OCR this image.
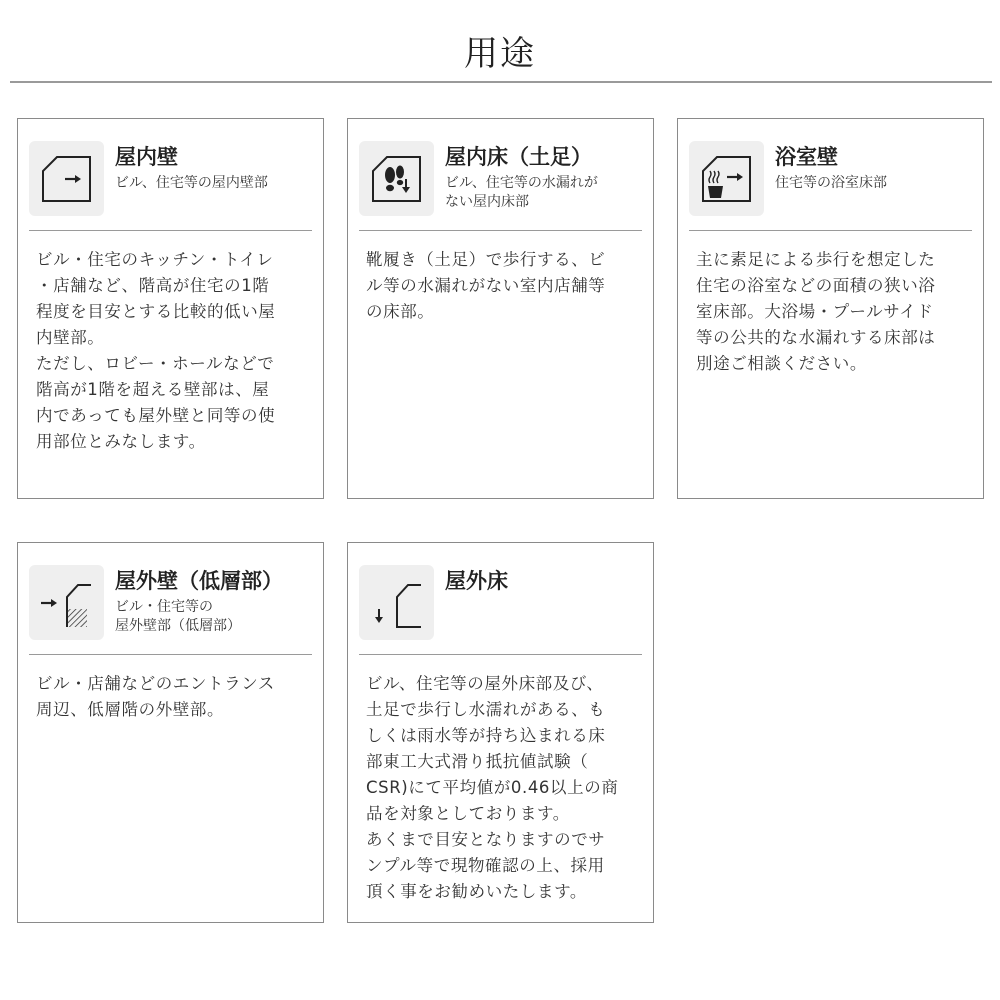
用途
屋内壁
ビル、住宅等の屋内壁部

ビル・住宅のキッチン・トイレ

・店舗など、階高が住宅の1階

程度を目安とする比較的低い屋

内壁部。

ただし、ロビー・ホールなどで

階高が1階を超える壁部は、屋

内であっても屋外壁と同等の使

用部位とみなします。

屋内床（土足）
ビル、住宅等の水漏れが
ない屋内床部

靴履き（土足）で歩行する、ビ

ル等の水漏れがない室内店舗等

の床部。

浴室壁
住宅等の浴室床部

主に素足による歩行を想定した

住宅の浴室などの面積の狭い浴

室床部。大浴場・プールサイド

等の公共的な水漏れする床部は

別途ご相談ください。

屋外壁（低層部）
ビル・住宅等の
屋外壁部（低層部）

ビル・店舗などのエントランス

周辺、低層階の外壁部。

屋外床

ビル、住宅等の屋外床部及び、

土足で歩行し水濡れがある、も

しくは雨水等が持ち込まれる床

部東工大式滑り抵抗値試験（

CSR)にて平均値が0.46以上の商

品を対象としております。

あくまで目安となりますのでサ

ンプル等で現物確認の上、採用

頂く事をお勧めいたします。
